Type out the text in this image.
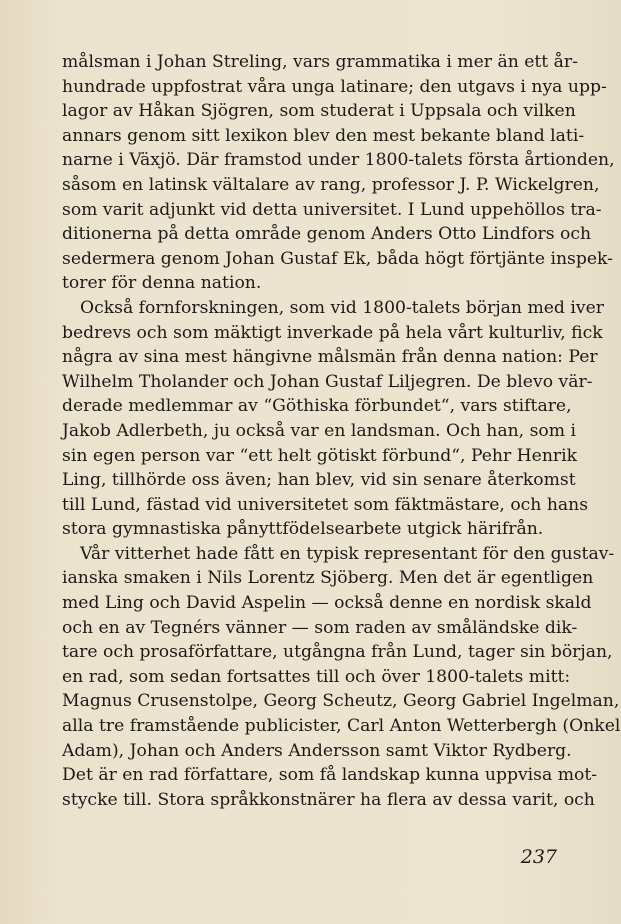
målsman i Johan Streling, vars grammatika i mer än ett år-
hundrade uppfostrat våra unga latinare; den utgavs i nya upp-
lagor av Håkan Sjögren, som studerat i Uppsala och vilken
annars genom sitt lexikon blev den mest bekante bland lati-
narne i Växjö. Där framstod under 1800-talets första årtionden,
såsom en latinsk vältalare av rang, professor J. P. Wickelgren,
som varit adjunkt vid detta universitet. I Lund uppehöllos tra-
ditionerna på detta område genom Anders Otto Lindfors och
sedermera genom Johan Gustaf Ek, båda högt förtjänte inspek-
torer för denna nation.
Också fornforskningen, som vid 1800-talets början med iver
bedrevs och som mäktigt inverkade på hela vårt kulturliv, fick
några av sina mest hängivne målsmän från denna nation: Per
Wilhelm Tholander och Johan Gustaf Liljegren. De blevo vär-
derade medlemmar av “Göthiska förbundet“, vars stiftare,
Jakob Adlerbeth, ju också var en landsman. Och han, som i
sin egen person var “ett helt götiskt förbund“, Pehr Henrik
Ling, tillhörde oss även; han blev, vid sin senare återkomst
till Lund, fästad vid universitetet som fäktmästare, och hans
stora gymnastiska pånyttfödelsearbete utgick härifrån.
Vår vitterhet hade fått en typisk representant för den gustav-
ianska smaken i Nils Lorentz Sjöberg. Men det är egentligen
med Ling och David Aspelin — också denne en nordisk skald
och en av Tegnérs vänner — som raden av småländske dik-
tare och prosaförfattare, utgångna från Lund, tager sin början,
en rad, som sedan fortsattes till och över 1800-talets mitt:
Magnus Crusenstolpe, Georg Scheutz, Georg Gabriel Ingelman,
alla tre framstående publicister, Carl Anton Wetterbergh (Onkel
Adam), Johan och Anders Andersson samt Viktor Rydberg.
Det är en rad författare, som få landskap kunna uppvisa mot-
stycke till. Stora språkkonstnärer ha flera av dessa varit, och
237
